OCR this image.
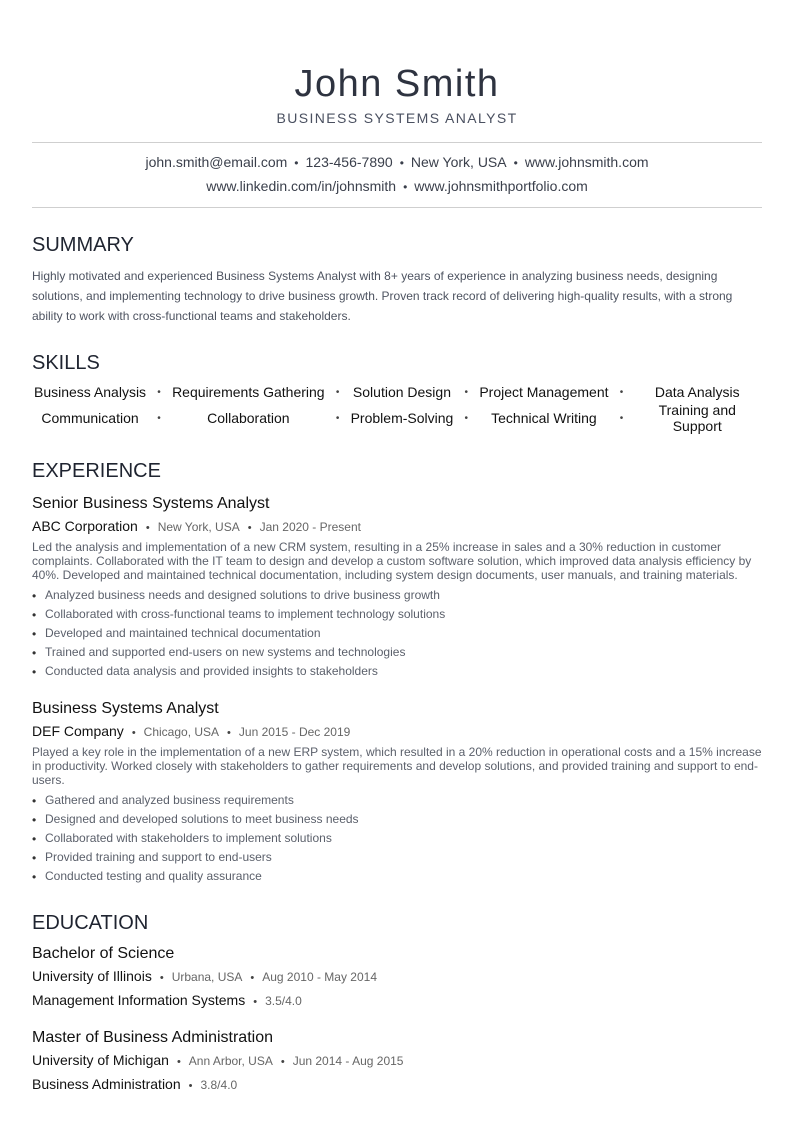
John Smith
BUSINESS SYSTEMS ANALYST
john.smith@email.com • 123-456-7890 • New York, USA • www.johnsmith.com
www.linkedin.com/in/johnsmith • www.johnsmithportfolio.com
SUMMARY
Highly motivated and experienced Business Systems Analyst with 8+ years of experience in analyzing business needs, designing solutions, and implementing technology to drive business growth. Proven track record of delivering high-quality results, with a strong ability to work with cross-functional teams and stakeholders.
SKILLS
Business Analysis	• Requirements Gathering	• Solution Design	• Project Management	•	Data Analysis
Communication	•	Collaboration	• Problem-Solving	•	Technical Writing	•	Training and Support
EXPERIENCE
Senior Business Systems Analyst
ABC Corporation • New York, USA • Jan 2020 - Present
Led the analysis and implementation of a new CRM system, resulting in a 25% increase in sales and a 30% reduction in customer complaints. Collaborated with the IT team to design and develop a custom software solution, which improved data analysis efficiency by 40%. Developed and maintained technical documentation, including system design documents, user manuals, and training materials.
• Analyzed business needs and designed solutions to drive business growth
• Collaborated with cross-functional teams to implement technology solutions
• Developed and maintained technical documentation
• Trained and supported end-users on new systems and technologies
• Conducted data analysis and provided insights to stakeholders
Business Systems Analyst
DEF Company • Chicago, USA • Jun 2015 - Dec 2019
Played a key role in the implementation of a new ERP system, which resulted in a 20% reduction in operational costs and a 15% increase in productivity. Worked closely with stakeholders to gather requirements and develop solutions, and provided training and support to end-users.
• Gathered and analyzed business requirements
• Designed and developed solutions to meet business needs
• Collaborated with stakeholders to implement solutions
• Provided training and support to end-users
• Conducted testing and quality assurance
EDUCATION
Bachelor of Science
University of Illinois • Urbana, USA • Aug 2010 - May 2014
Management Information Systems • 3.5/4.0
Master of Business Administration
University of Michigan • Ann Arbor, USA • Jun 2014 - Aug 2015
Business Administration • 3.8/4.0
